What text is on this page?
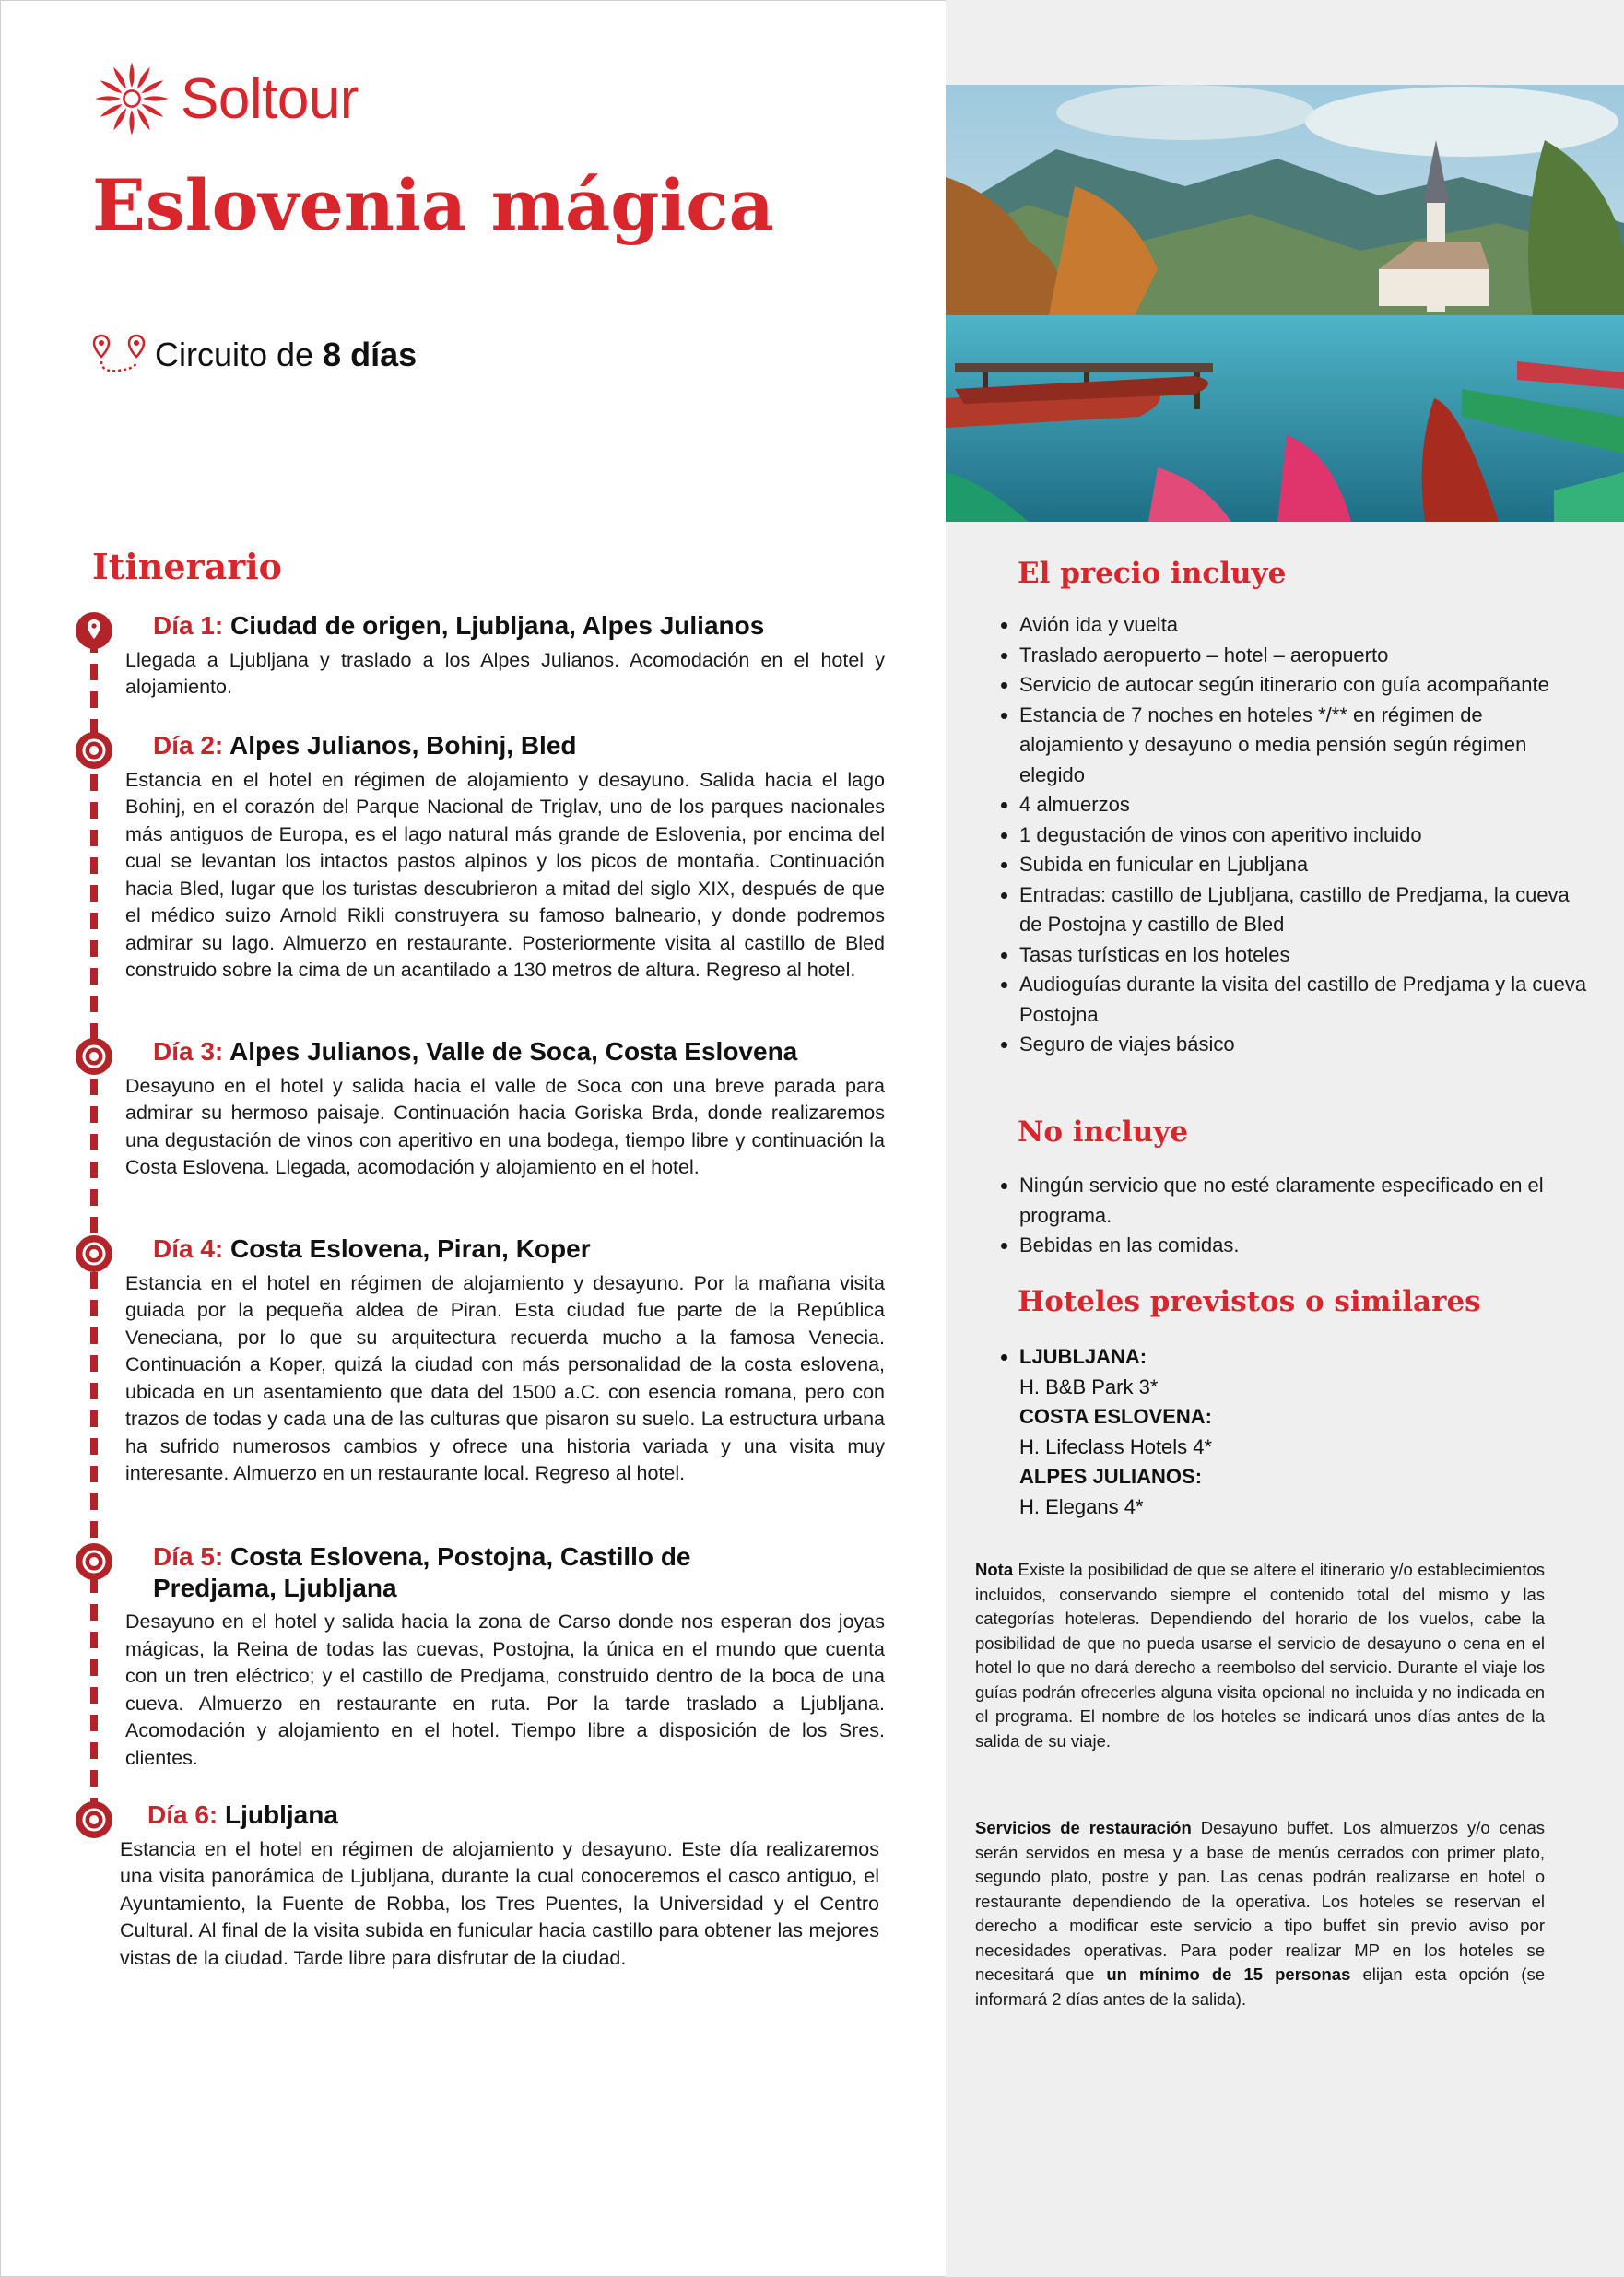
Soltour
Eslovenia mágica
Circuito de 8 días
Itinerario

Día 1: Ciudad de origen, Ljubljana, Alpes Julianos

Llegada a Ljubljana y traslado a los Alpes Julianos. Acomodación en el hotel y alojamiento.

Día 2: Alpes Julianos, Bohinj, Bled

Estancia en el hotel en régimen de alojamiento y desayuno. Salida hacia el lago Bohinj, en el corazón del Parque Nacional de Triglav, uno de los parques nacionales más antiguos de Europa, es el lago natural más grande de Eslovenia, por encima del cual se levantan los intactos pastos alpinos y los picos de montaña. Continuación hacia Bled, lugar que los turistas descubrieron a mitad del siglo XIX, después de que el médico suizo Arnold Rikli construyera su famoso balneario, y donde podremos admirar su lago. Almuerzo en restaurante. Posteriormente visita al castillo de Bled construido sobre la cima de un acantilado a 130 metros de altura. Regreso al hotel.

Día 3: Alpes Julianos, Valle de Soca, Costa Eslovena

Desayuno en el hotel y salida hacia el valle de Soca con una breve parada para admirar su hermoso paisaje. Continuación hacia Goriska Brda, donde realizaremos una degustación de vinos con aperitivo en una bodega, tiempo libre y continuación la Costa Eslovena. Llegada, acomodación y alojamiento en el hotel.

Día 4: Costa Eslovena, Piran, Koper

Estancia en el hotel en régimen de alojamiento y desayuno. Por la mañana visita guiada por la pequeña aldea de Piran. Esta ciudad fue parte de la República Veneciana, por lo que su arquitectura recuerda mucho a la famosa Venecia. Continuación a Koper, quizá la ciudad con más personalidad de la costa eslovena, ubicada en un asentamiento que data del 1500 a.C. con esencia romana, pero con trazos de todas y cada una de las culturas que pisaron su suelo. La estructura urbana ha sufrido numerosos cambios y ofrece una historia variada y una visita muy interesante. Almuerzo en un restaurante local. Regreso al hotel.

Día 5: Costa Eslovena, Postojna, Castillo de Predjama, Ljubljana

Desayuno en el hotel y salida hacia la zona de Carso donde nos esperan dos joyas mágicas, la Reina de todas las cuevas, Postojna, la única en el mundo que cuenta con un tren eléctrico; y el castillo de Predjama, construido dentro de la boca de una cueva. Almuerzo en restaurante en ruta. Por la tarde traslado a Ljubljana. Acomodación y alojamiento en el hotel. Tiempo libre a disposición de los Sres. clientes.

Día 6: Ljubljana

Estancia en el hotel en régimen de alojamiento y desayuno. Este día realizaremos una visita panorámica de Ljubljana, durante la cual conoceremos el casco antiguo, el Ayuntamiento, la Fuente de Robba, los Tres Puentes, la Universidad y el Centro Cultural. Al final de la visita subida en funicular hacia castillo para obtener las mejores vistas de la ciudad. Tarde libre para disfrutar de la ciudad.

El precio incluye
• Avión ida y vuelta
• Traslado aeropuerto – hotel – aeropuerto
• Servicio de autocar según itinerario con guía acompañante
• Estancia de 7 noches en hoteles */** en régimen de alojamiento y desayuno o media pensión según régimen elegido
• 4 almuerzos
• 1 degustación de vinos con aperitivo incluido
• Subida en funicular en Ljubljana
• Entradas: castillo de Ljubljana, castillo de Predjama, la cueva de Postojna y castillo de Bled
• Tasas turísticas en los hoteles
• Audioguías durante la visita del castillo de Predjama y la cueva Postojna
• Seguro de viajes básico
No incluye
• Ningún servicio que no esté claramente especificado en el programa.
• Bebidas en las comidas.
Hoteles previstos o similares
• LJUBLJANA:
H. B&B Park 3*
COSTA ESLOVENA:
H. Lifeclass Hotels 4*
ALPES JULIANOS:
H. Elegans 4*

Nota Existe la posibilidad de que se altere el itinerario y/o establecimientos incluidos, conservando siempre el contenido total del mismo y las categorías hoteleras. Dependiendo del horario de los vuelos, cabe la posibilidad de que no pueda usarse el servicio de desayuno o cena en el hotel lo que no dará derecho a reembolso del servicio. Durante el viaje los guías podrán ofrecerles alguna visita opcional no incluida y no indicada en el programa. El nombre de los hoteles se indicará unos días antes de la salida de su viaje.

Servicios de restauración Desayuno buffet. Los almuerzos y/o cenas serán servidos en mesa y a base de menús cerrados con primer plato, segundo plato, postre y pan. Las cenas podrán realizarse en hotel o restaurante dependiendo de la operativa. Los hoteles se reservan el derecho a modificar este servicio a tipo buffet sin previo aviso por necesidades operativas. Para poder realizar MP en los hoteles se necesitará que un mínimo de 15 personas elijan esta opción (se informará 2 días antes de la salida).
